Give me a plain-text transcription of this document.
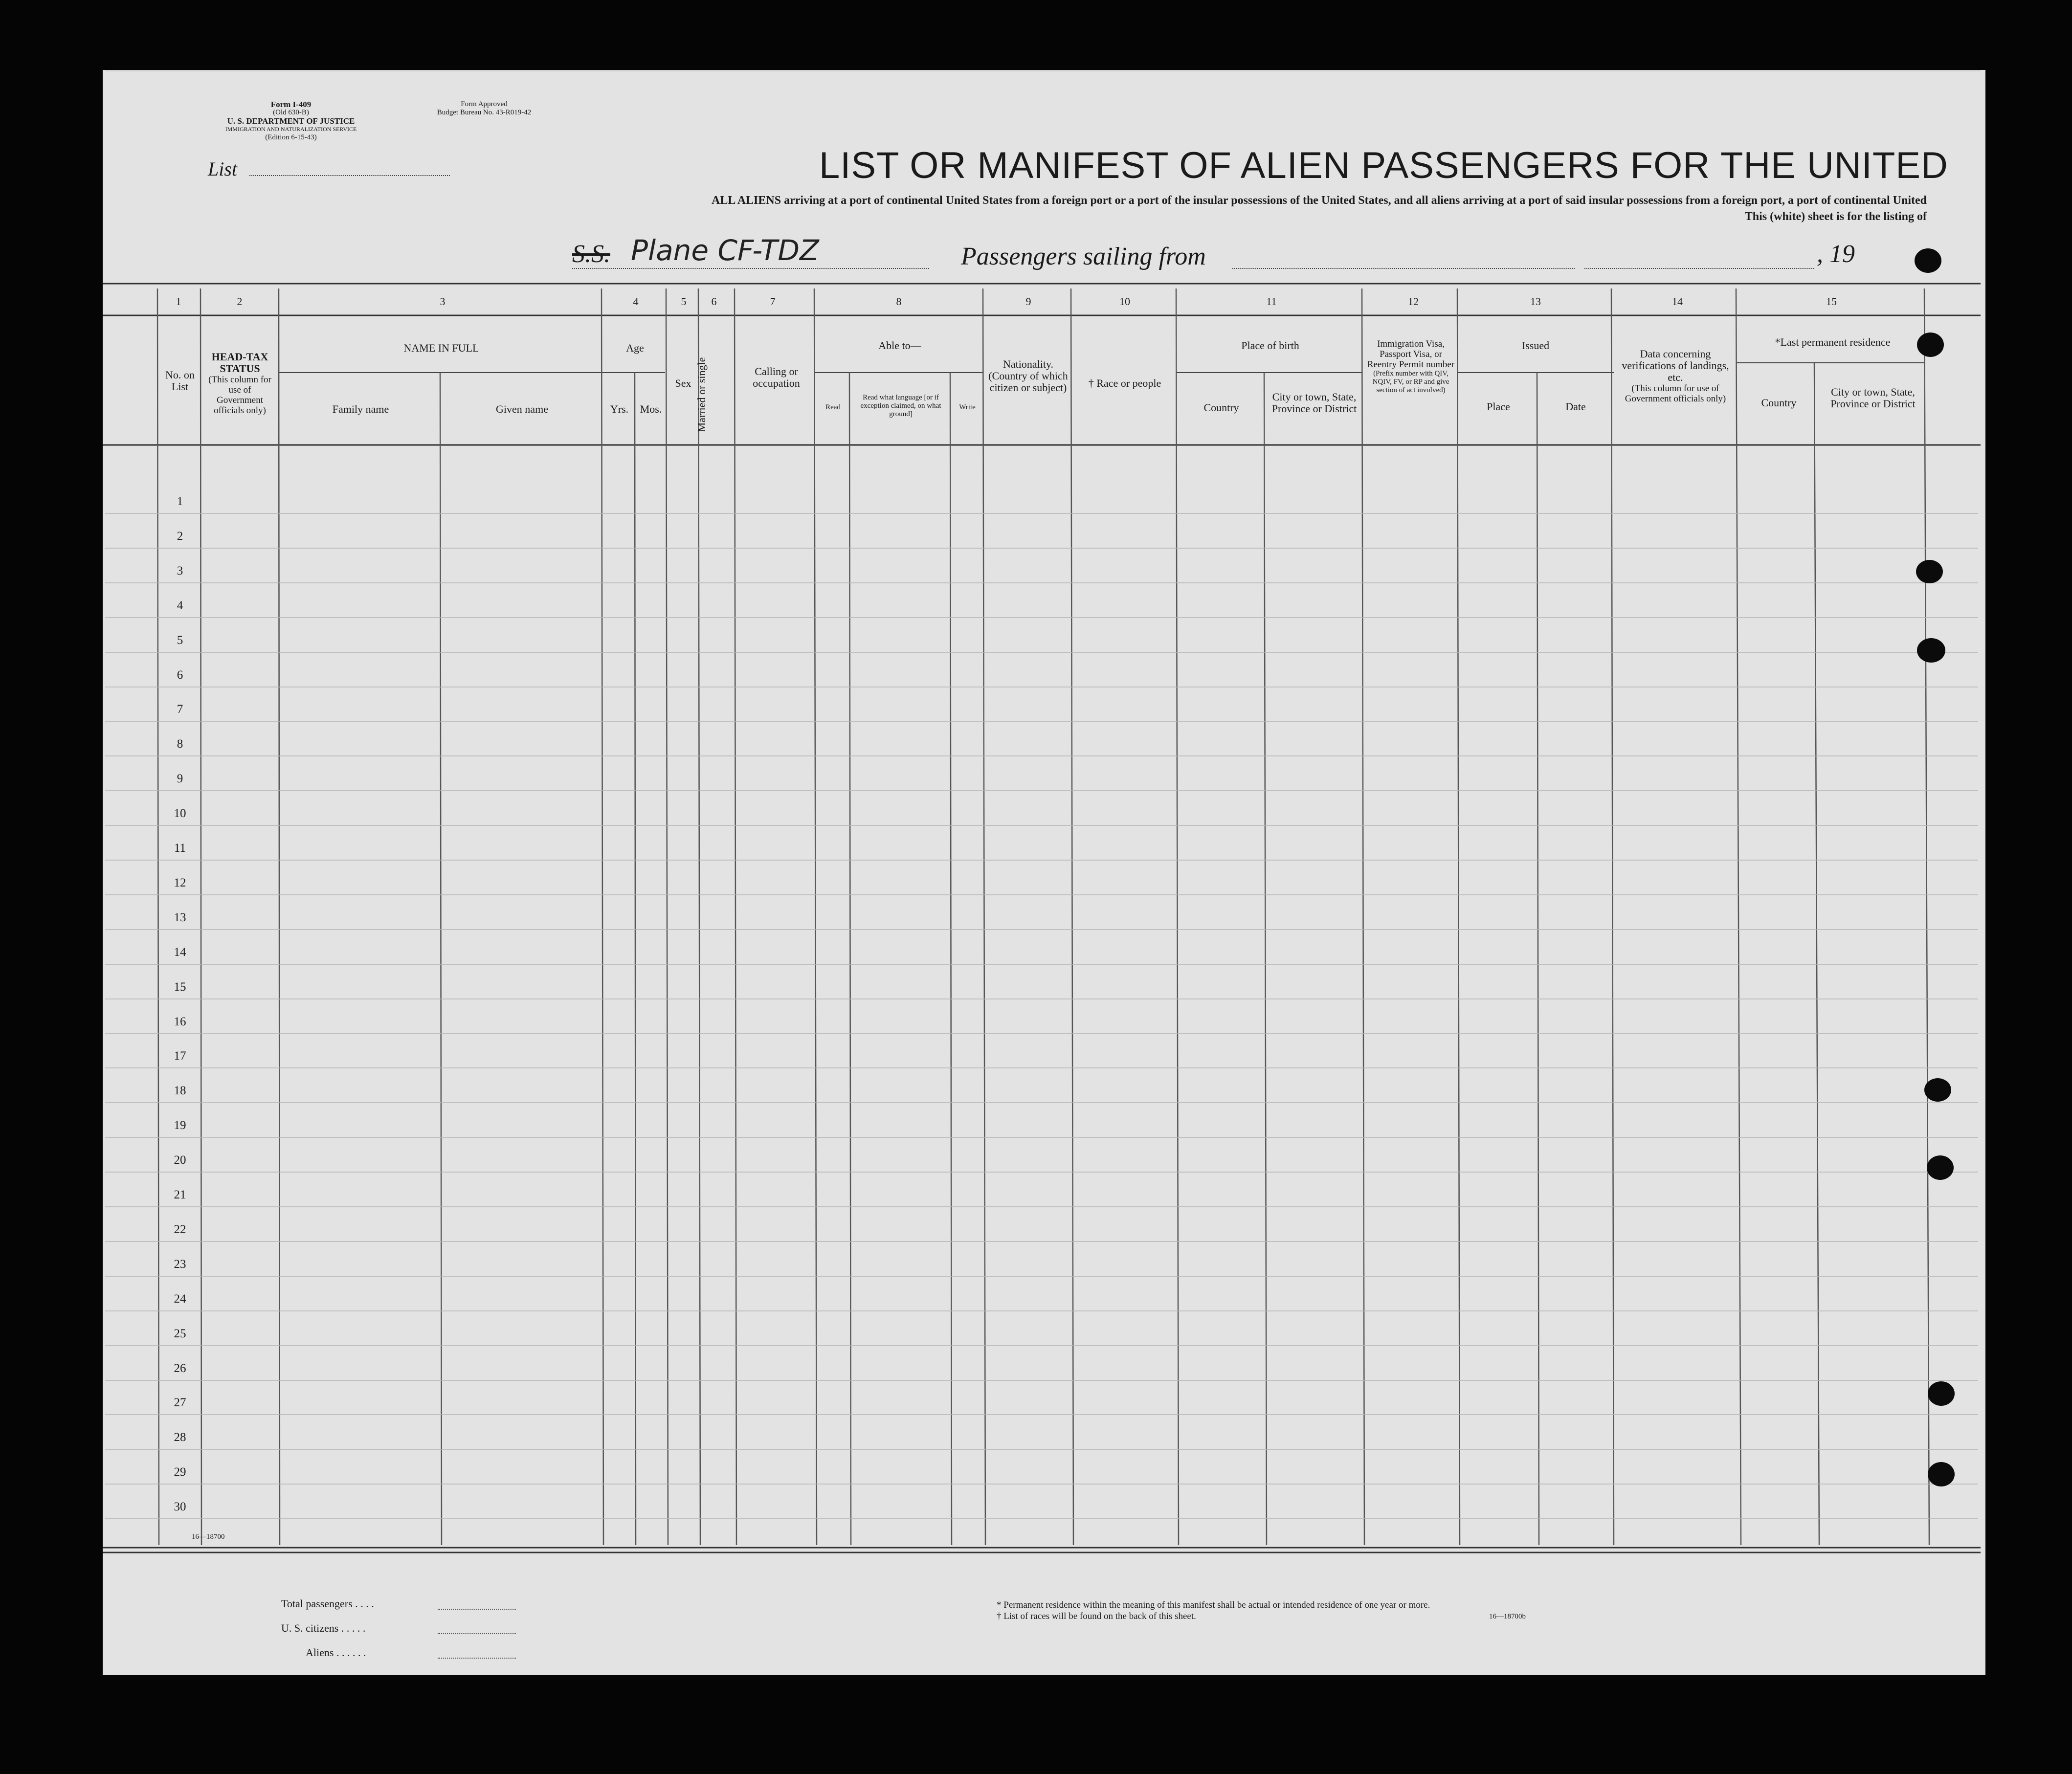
Form I-409
(Old 630-B)
U. S. DEPARTMENT OF JUSTICE
IMMIGRATION AND NATURALIZATION SERVICE
(Edition 6-15-43)
Form Approved
Budget Bureau No. 43-R019-42
List	LIST OR MANIFEST OF ALIEN PASSENGERS FOR THE UNITED
ALL ALIENS arriving at a port of continental United States from a foreign port or a port of the insular possessions of the United States, and all aliens arriving at a port of said insular possessions from a foreign port, a port of continental United
This (white) sheet is for the listing of
S.S. Plane CF-TDZ	Passengers sailing from	, 19
1	2	3	4	5	6	7	8	9	10	11	12	13	14	15
No. on List
HEAD-TAX STATUS
(This column for use of Government officials only)
NAME IN FULL
Family name	Given name
Age
Yrs.	Mos.
Sex Married or single	Calling or occupation
Able to—
Read
Read what language [or if exception claimed, on what ground]
Write
Nationality. (Country of which citizen or subject)	† Race or people
Place of birth
Country
City or town, State, Province or District
Immigration Visa, Passport Visa, or Reentry Permit number
(Prefix number with QIV, NQIV, FV, or RP and give section of act involved)
Issued
Place	Date
Data concerning verifications of landings, etc.
(This column for use of Government officials only)
*Last permanent residence
Country
City or town, State, Province or District
1
2
3
4
5
6
7
8
9
10
11
12
13
14
15
16
17
18
19
20
21
22
23
24
25
26
27
28
29
30
16—18700
Total passengers . . . .
U. S. citizens . . . . .
Aliens . . . . . .
* Permanent residence within the meaning of this manifest shall be actual or intended residence of one year or more.
† List of races will be found on the back of this sheet.	16—18700b
